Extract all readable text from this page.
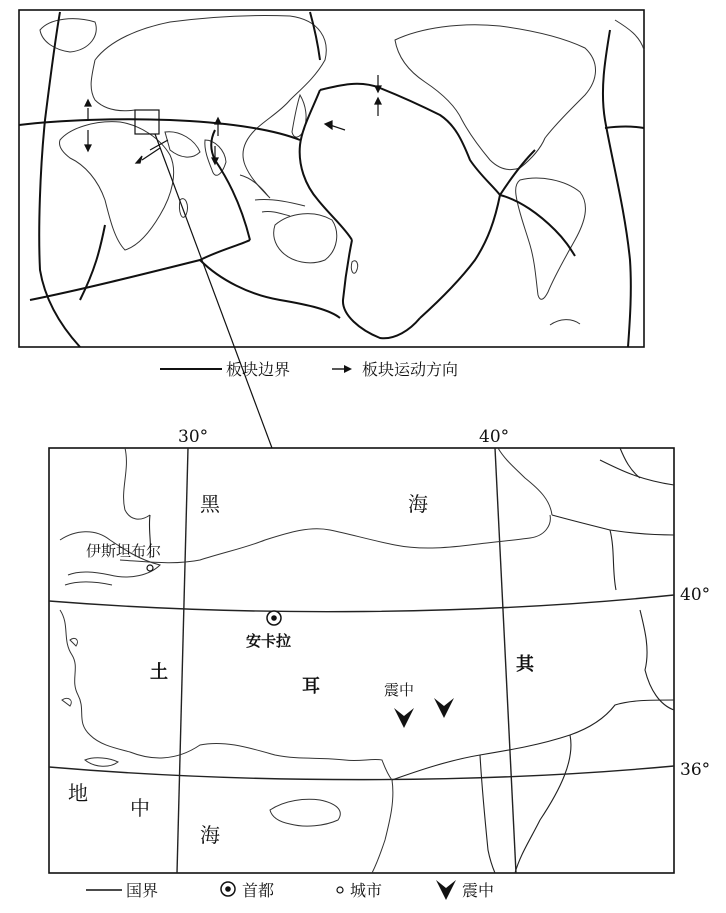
板块边界	板块运动方向
30°	40°
40°
36°
黑	海
地
中
海
土
耳
其
伊斯坦布尔
安卡拉
震中
国界	首都	城市	震中
